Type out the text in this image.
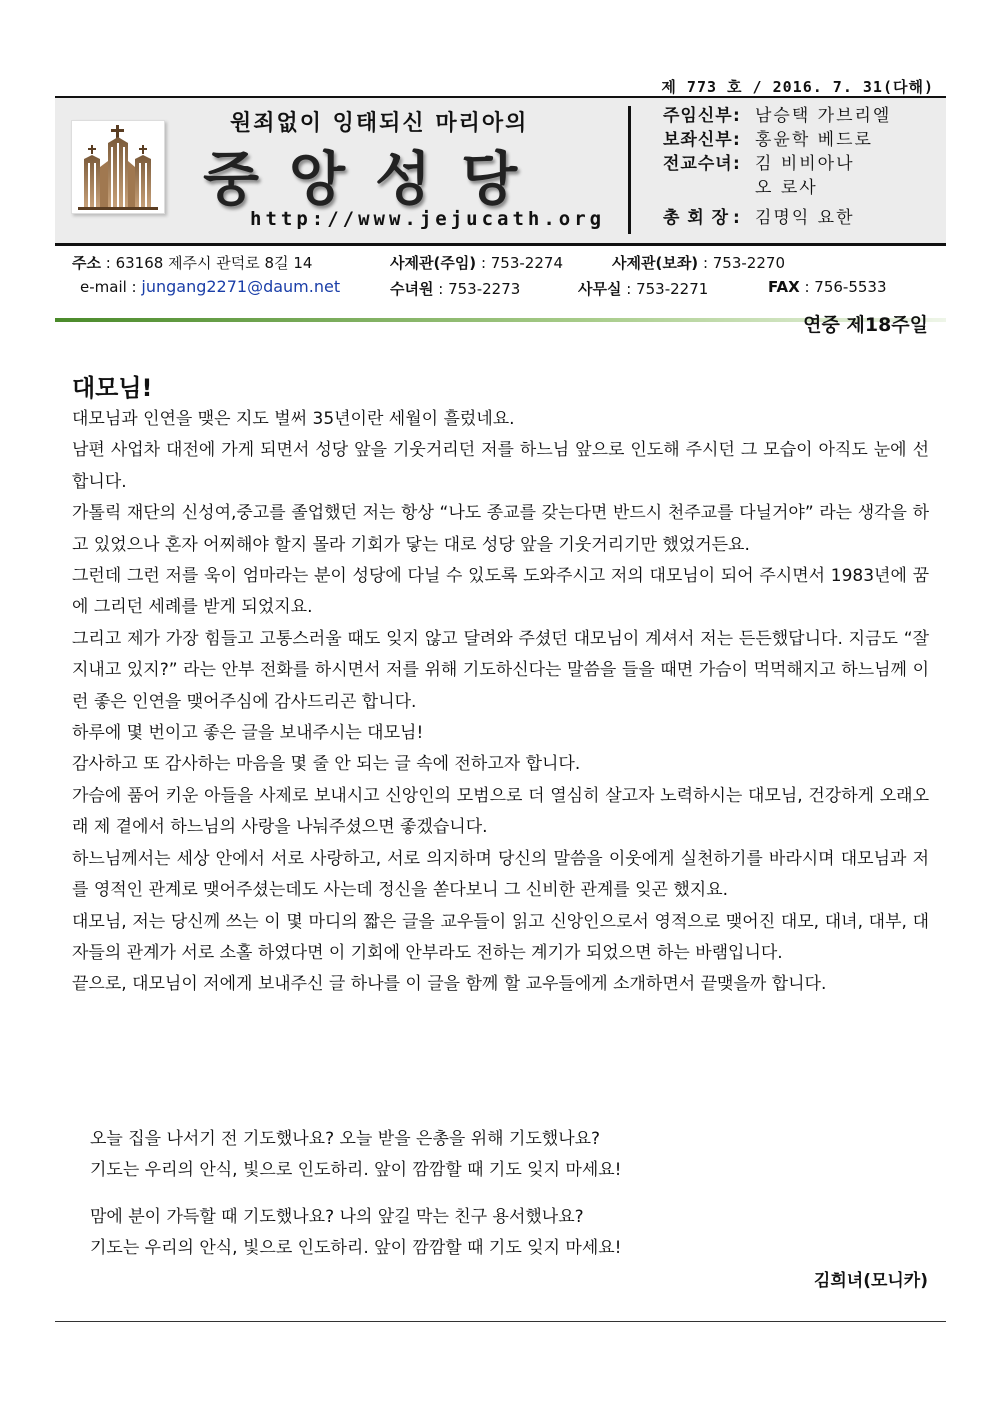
제 773 호 / 2016. 7. 31(다해)
원죄없이 잉태되신 마리아의
중앙성당
http://www.jejucath.org
주임신부 : 남승택 가브리엘
보좌신부 : 홍윤학 베드로
전교수녀 : 김 비비아나
오 로사
총 회 장 : 김명익 요한
주소 : 63168 제주시 관덕로 8길 14	사제관(주임) : 753-2274	사제관(보좌) : 753-2270
e-mail : jungang2271@daum.net	수녀원 : 753-2273	사무실 : 753-2271	FAX : 756-5533
연중 제18주일
대모님!

대모님과 인연을 맺은 지도 벌써 35년이란 세월이 흘렀네요.

남편 사업차 대전에 가게 되면서 성당 앞을 기웃거리던 저를 하느님 앞으로 인도해 주시던 그 모습이 아직도 눈에 선합니다.

가톨릭 재단의 신성여,중고를 졸업했던 저는 항상 “나도 종교를 갖는다면 반드시 천주교를 다닐거야” 라는 생각을 하고 있었으나 혼자 어찌해야 할지 몰라 기회가 닿는 대로 성당 앞을 기웃거리기만 했었거든요.

그런데 그런 저를 욱이 엄마라는 분이 성당에 다닐 수 있도록 도와주시고 저의 대모님이 되어 주시면서 1983년에 꿈에 그리던 세례를 받게 되었지요.

그리고 제가 가장 힘들고 고통스러울 때도 잊지 않고 달려와 주셨던 대모님이 계셔서 저는 든든했답니다. 지금도 “잘 지내고 있지?” 라는 안부 전화를 하시면서 저를 위해 기도하신다는 말씀을 들을 때면 가슴이 먹먹해지고 하느님께 이런 좋은 인연을 맺어주심에 감사드리곤 합니다.

하루에 몇 번이고 좋은 글을 보내주시는 대모님!

감사하고 또 감사하는 마음을 몇 줄 안 되는 글 속에 전하고자 합니다.

가슴에 품어 키운 아들을 사제로 보내시고 신앙인의 모범으로 더 열심히 살고자 노력하시는 대모님, 건강하게 오래오래 제 곁에서 하느님의 사랑을 나눠주셨으면 좋겠습니다.

하느님께서는 세상 안에서 서로 사랑하고, 서로 의지하며 당신의 말씀을 이웃에게 실천하기를 바라시며 대모님과 저를 영적인 관계로 맺어주셨는데도 사는데 정신을 쏟다보니 그 신비한 관계를 잊곤 했지요.

대모님, 저는 당신께 쓰는 이 몇 마디의 짧은 글을 교우들이 읽고 신앙인으로서 영적으로 맺어진 대모, 대녀, 대부, 대자들의 관계가 서로 소홀 하였다면 이 기회에 안부라도 전하는 계기가 되었으면 하는 바램입니다.

끝으로, 대모님이 저에게 보내주신 글 하나를 이 글을 함께 할 교우들에게 소개하면서 끝맺을까 합니다.

오늘 집을 나서기 전 기도했나요? 오늘 받을 은총을 위해 기도했나요?
기도는 우리의 안식, 빛으로 인도하리. 앞이 깜깜할 때 기도 잊지 마세요!
맘에 분이 가득할 때 기도했나요? 나의 앞길 막는 친구 용서했나요?
기도는 우리의 안식, 빛으로 인도하리. 앞이 깜깜할 때 기도 잊지 마세요!
김희녀(모니카)
